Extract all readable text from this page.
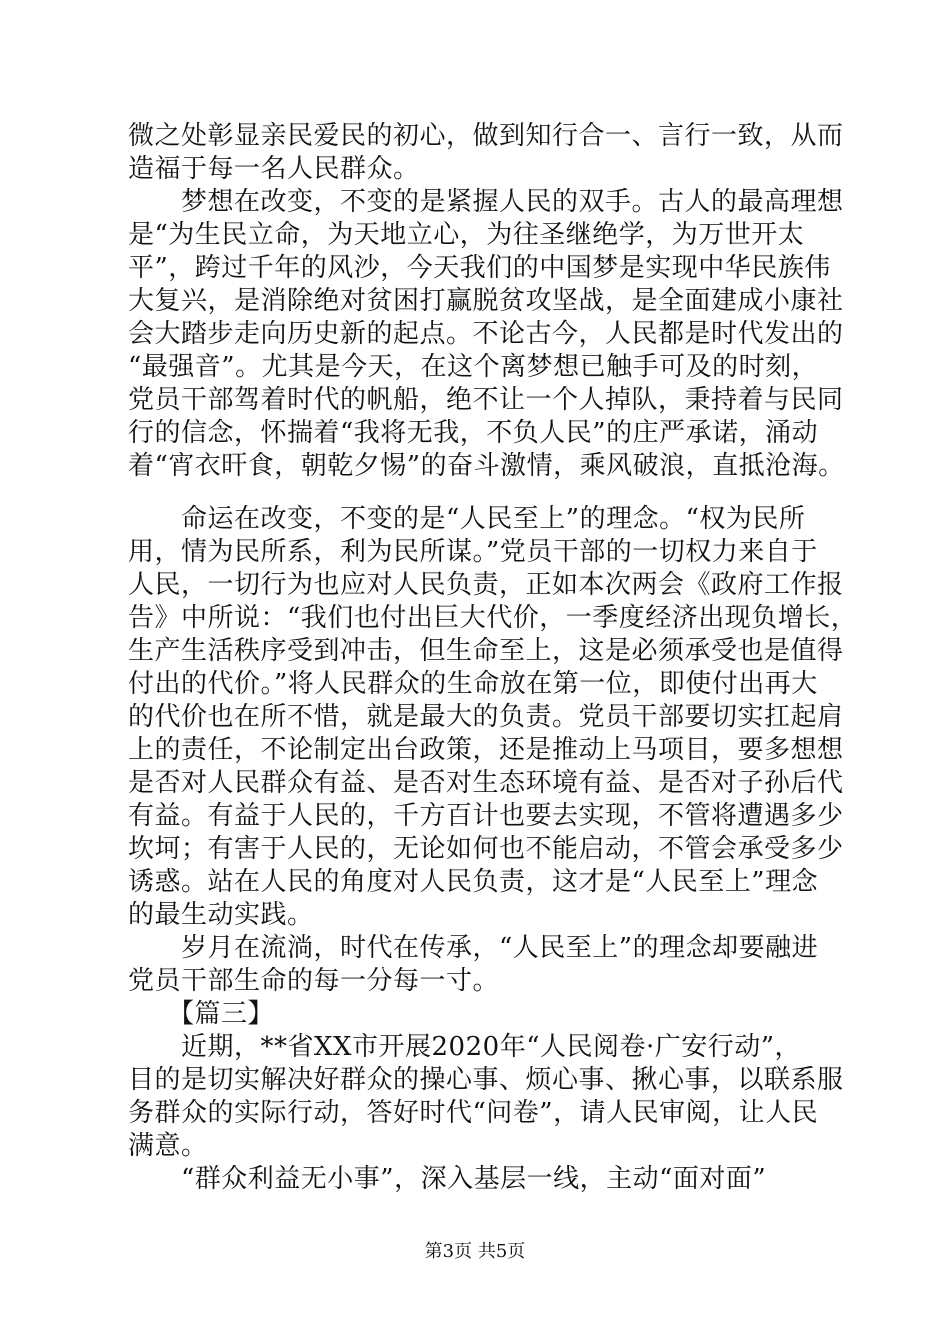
微之处彰显亲民爱民的初心，做到知行合一、言行一致，从而
造福于每一名人民群众。
　　梦想在改变，不变的是紧握人民的双手。古人的最高理想
是“为生民立命，为天地立心，为往圣继绝学，为万世开太
平”，跨过千年的风沙，今天我们的中国梦是实现中华民族伟
大复兴，是消除绝对贫困打赢脱贫攻坚战，是全面建成小康社
会大踏步走向历史新的起点。不论古今，人民都是时代发出的
“最强音”。尤其是今天，在这个离梦想已触手可及的时刻，
党员干部驾着时代的帆船，绝不让一个人掉队，秉持着与民同
行的信念，怀揣着“我将无我，不负人民”的庄严承诺，涌动
着“宵衣旰食，朝乾夕惕”的奋斗激情，乘风破浪，直抵沧海。
　　命运在改变，不变的是“人民至上”的理念。“权为民所
用，情为民所系，利为民所谋。”党员干部的一切权力来自于
人民，一切行为也应对人民负责，正如本次两会《政府工作报
告》中所说：“我们也付出巨大代价，一季度经济出现负增长，
生产生活秩序受到冲击，但生命至上，这是必须承受也是值得
付出的代价。”将人民群众的生命放在第一位，即使付出再大
的代价也在所不惜，就是最大的负责。党员干部要切实扛起肩
上的责任，不论制定出台政策，还是推动上马项目，要多想想
是否对人民群众有益、是否对生态环境有益、是否对子孙后代
有益。有益于人民的，千方百计也要去实现，不管将遭遇多少
坎坷；有害于人民的，无论如何也不能启动，不管会承受多少
诱惑。站在人民的角度对人民负责，这才是“人民至上”理念
的最生动实践。
　　岁月在流淌，时代在传承，“人民至上”的理念却要融进
党员干部生命的每一分每一寸。
　　【篇三】
　　近期，**省XX市开展2020年“人民阅卷·广安行动”，
目的是切实解决好群众的操心事、烦心事、揪心事，以联系服
务群众的实际行动，答好时代“问卷”，请人民审阅，让人民
满意。
　　“群众利益无小事”，深入基层一线，主动“面对面”
第3页 共5页
